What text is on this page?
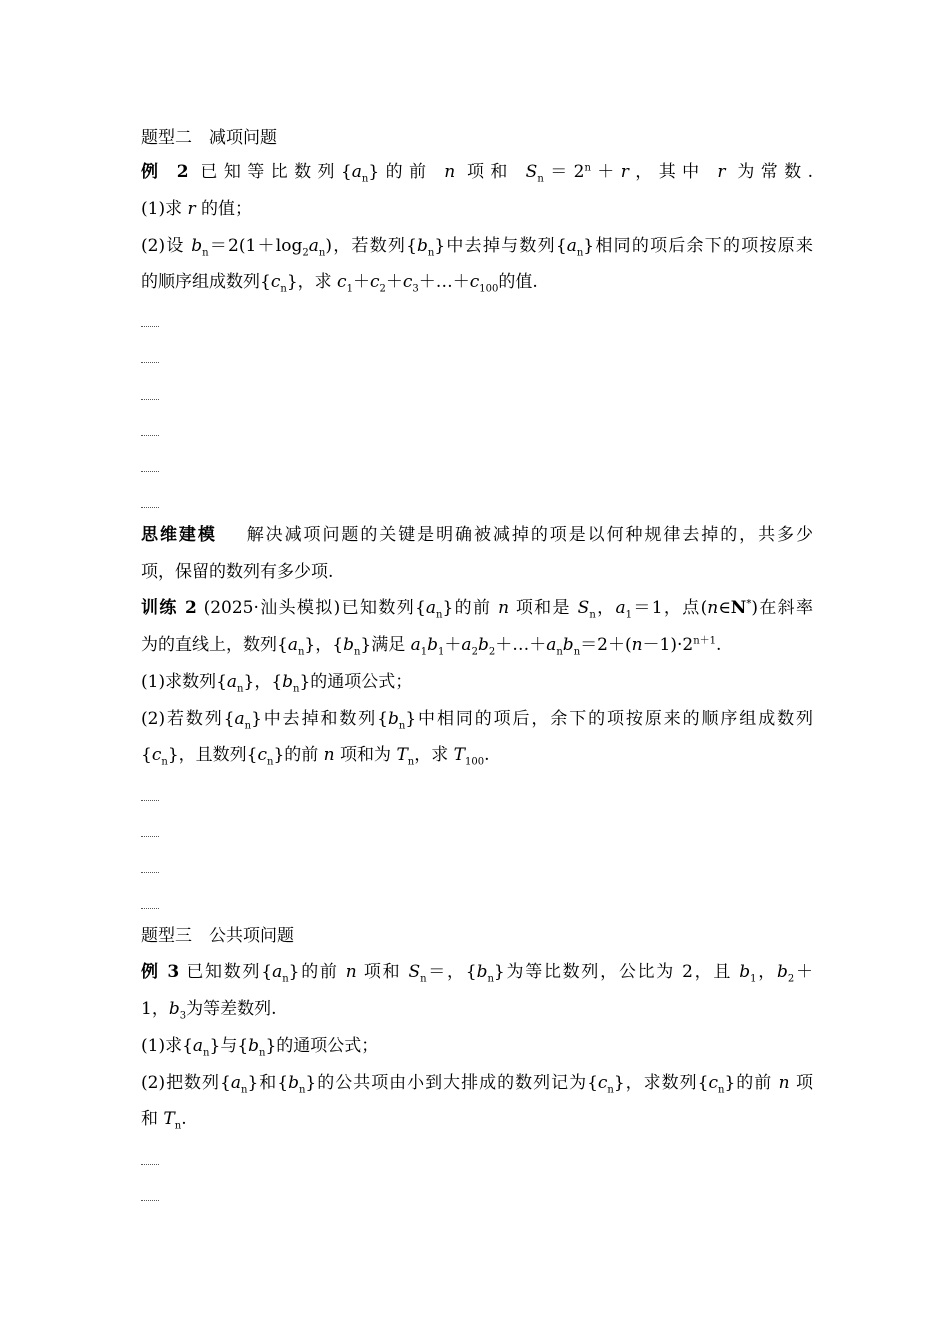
题型二　减项问题
例 2 已知等比数列$\{a_n\}$的前 n 项和 $S_n=2^n+r$，其中 r 为常数.
(1)求 r 的值；
(2)设 $b_n=2(1+\log_2a_n)$，若数列$\{b_n\}$中去掉与数列$\{a_n\}$相同的项后余下的项按原来
的顺序组成数列$\{c_n\}$，求 $c_1+c_2+c_3+\dots+c_{100}$的值.
思维建模 解决减项问题的关键是明确被减掉的项是以何种规律去掉的，共多少
项，保留的数列有多少项.
训练 2 (2025·汕头模拟)已知数列$\{a_n\}$的前 n 项和是 $S_n$，$a_1=1$，点(n∈N*)在斜率
为的直线上，数列$\{a_n\}$，$\{b_n\}$满足 $a_1b_1+a_2b_2+\dots+a_nb_n=2+(n-1)\cdot 2^{n+1}$.
(1)求数列$\{a_n\}$，$\{b_n\}$的通项公式；
(2)若数列$\{a_n\}$中去掉和数列$\{b_n\}$中相同的项后，余下的项按原来的顺序组成数列
$\{c_n\}$，且数列$\{c_n\}$的前 n 项和为 $T_n$，求 $T_{100}$.
题型三　公共项问题
例 3 已知数列$\{a_n\}$的前 n 项和 $S_n=$，$\{b_n\}$为等比数列，公比为 2，且 $b_1$，$b_2+$
1，$b_3$为等差数列.
(1)求$\{a_n\}$与$\{b_n\}$的通项公式；
(2)把数列$\{a_n\}$和$\{b_n\}$的公共项由小到大排成的数列记为$\{c_n\}$，求数列$\{c_n\}$的前 n 项
和 $T_n$.
